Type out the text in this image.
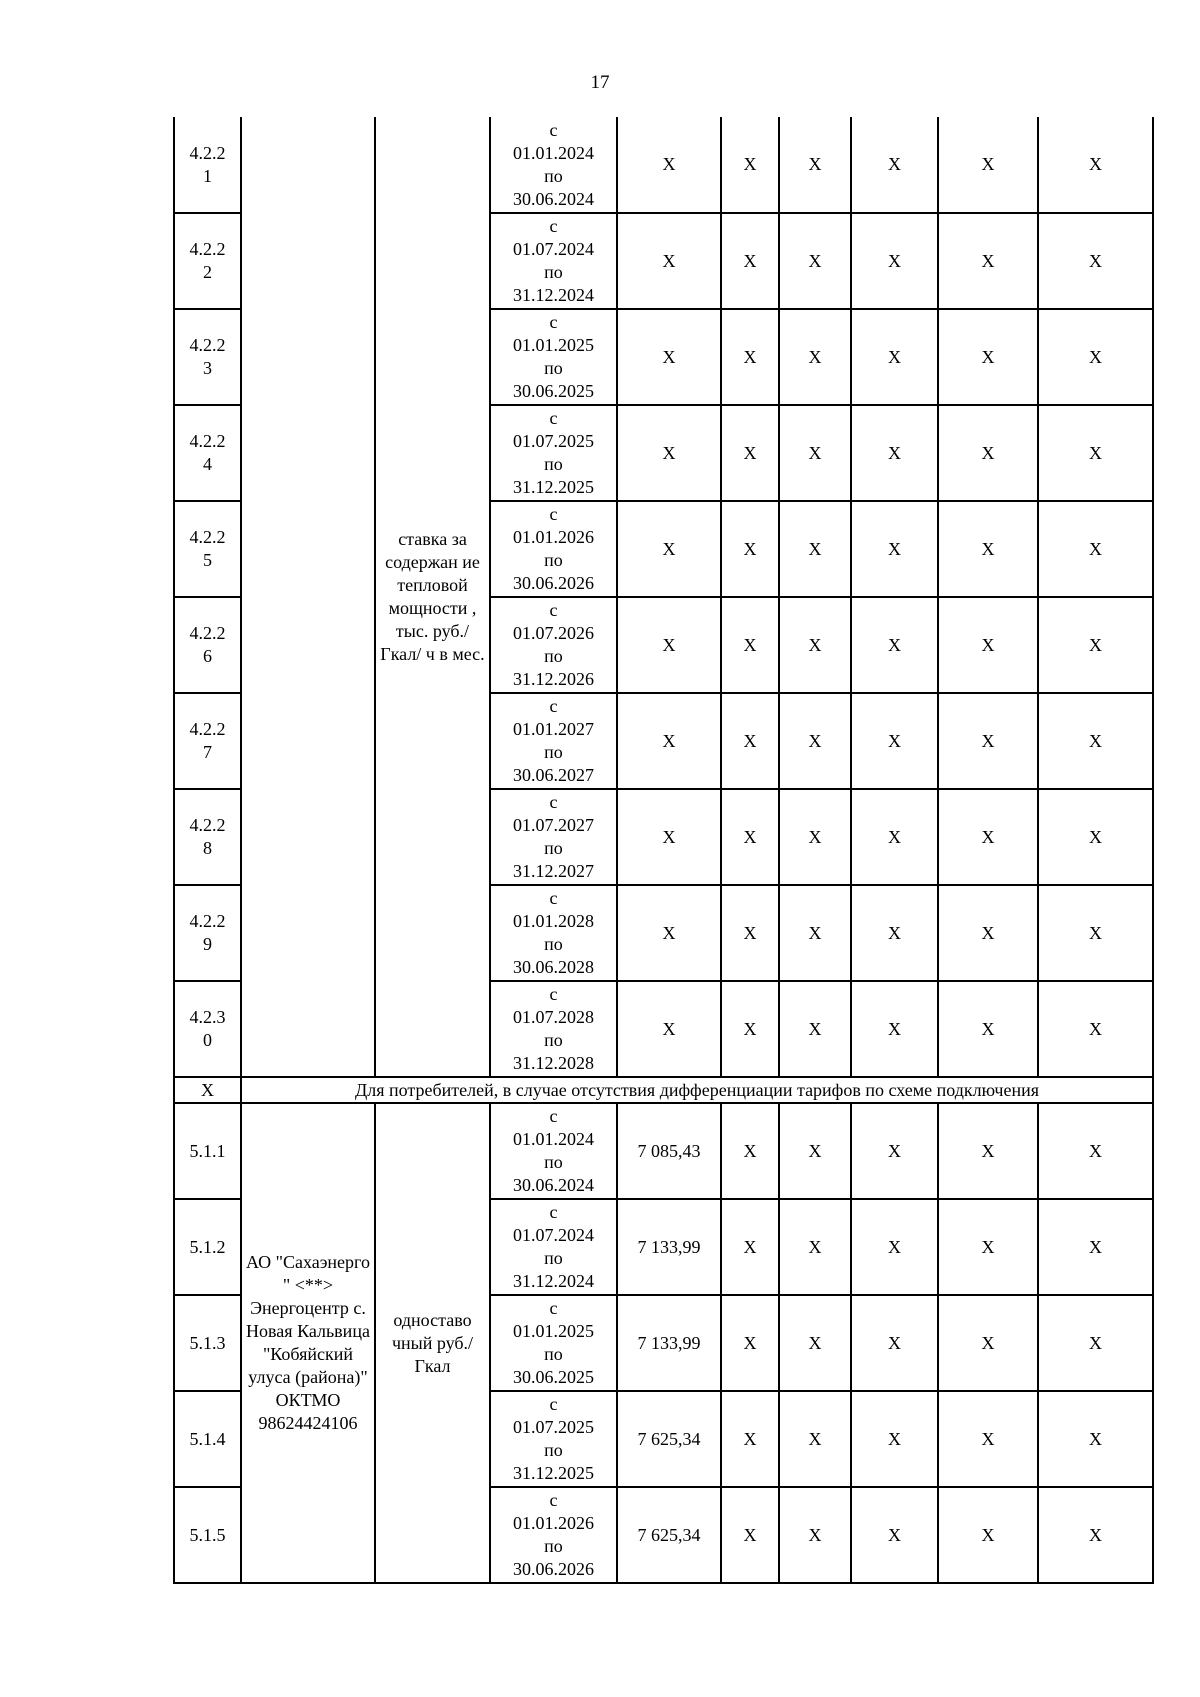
17
4.2.2
1		ставка за содержан ие тепловой мощности , тыс. руб./Гкал/ ч в мес.	с
01.01.2024
по
30.06.2024	Х	Х	Х	Х	Х	Х
4.2.2
2			с
01.07.2024
по
31.12.2024	Х	Х	Х	Х	Х	Х
4.2.2
3			с
01.01.2025
по
30.06.2025	Х	Х	Х	Х	Х	Х
4.2.2
4			с
01.07.2025
по
31.12.2025	Х	Х	Х	Х	Х	Х
4.2.2
5			с
01.01.2026
по
30.06.2026	Х	Х	Х	Х	Х	Х
4.2.2
6			с
01.07.2026
по
31.12.2026	Х	Х	Х	Х	Х	Х
4.2.2
7			с
01.01.2027
по
30.06.2027	Х	Х	Х	Х	Х	Х
4.2.2
8			с
01.07.2027
по
31.12.2027	Х	Х	Х	Х	Х	Х
4.2.2
9			с
01.01.2028
по
30.06.2028	Х	Х	Х	Х	Х	Х
4.2.3
0			с
01.07.2028
по
31.12.2028	Х	Х	Х	Х	Х	Х
Х	Для потребителей, в случае отсутствия дифференциации тарифов по схеме подключения								
5.1.1	АО "Сахаэнерго " <**> Энергоцентр с. Новая Кальвица "Кобяйский улуса (района)" ОКТМО 98624424106	одноставо чный руб./Гкал	с
01.01.2024
по
30.06.2024	7 085,43	Х	Х	Х	Х	Х
5.1.2			с
01.07.2024
по
31.12.2024	7 133,99	Х	Х	Х	Х	Х
5.1.3			с
01.01.2025
по
30.06.2025	7 133,99	Х	Х	Х	Х	Х
5.1.4			с
01.07.2025
по
31.12.2025	7 625,34	Х	Х	Х	Х	Х
5.1.5			с
01.01.2026
по
30.06.2026	7 625,34	Х	Х	Х	Х	Х
